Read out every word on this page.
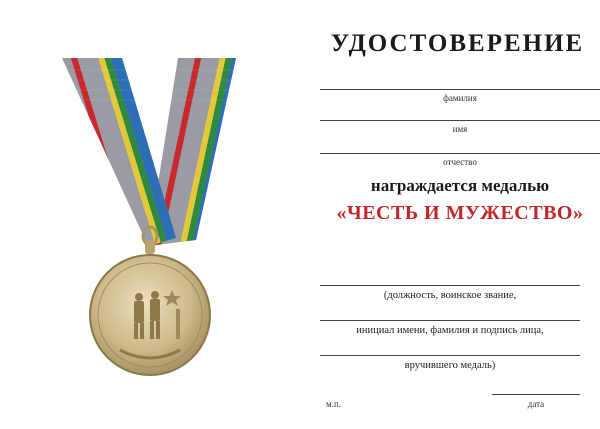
УДОСТОВЕРЕНИЕ
фамилия
имя
отчество
награждается медалью
«ЧЕСТЬ И МУЖЕСТВО»
(должность, воинское звание,
инициал имени, фамилия и подпись лица,
вручившего медаль)
м.п.	дата
